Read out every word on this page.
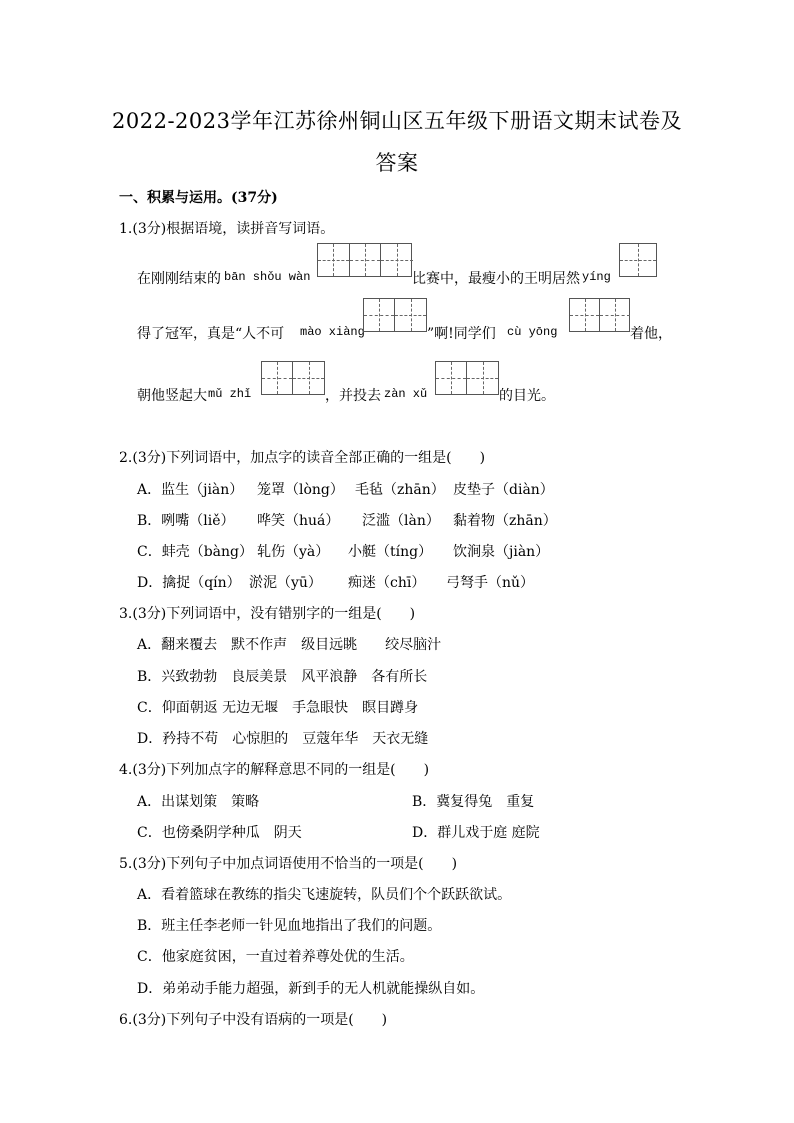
2022-2023学年江苏徐州铜山区五年级下册语文期末试卷及
答案
一、积累与运用。(37分)
1.(3分)根据语境，读拼音写词语。
在刚刚结束的 bān shǒu wàn	比赛中，最瘦小的王明居然 yíng
得了冠军，真是“人不可 mào xiàng	”啊!同学们 cù yōng	着他，
朝他竖起大 mǔ zhǐ	，并投去 zàn xǔ	的目光。
2.(3分)下列词语中，加点字的读音全部正确的一组是(　　)
A．监生（jiàn） 笼罩（lòng） 毛毡（zhān） 皮垫子（diàn）
B．咧嘴（liě） 哗笑（huá） 泛滥（làn） 黏着物（zhān）
C．蚌壳（bàng） 轧伤（yà） 小艇（tíng） 饮涧泉（jiàn）
D．擒捉（qín） 淤泥（yū） 痴迷（chī） 弓弩手（nǔ）
3.(3分)下列词语中，没有错别字的一组是(　　)
A．翻来覆去　默不作声　级目远眺　　绞尽脑汁
B．兴致勃勃　良辰美景　风平浪静　各有所长
C．仰面朝返 无边无堰　手急眼快　瞑目蹲身
D．矜持不苟　心惊胆的　豆蔻年华　天衣无缝
4.(3分)下列加点字的解释意思不同的一组是(　　)
A．出谋划策　策略	B．冀复得兔　重复
C．也傍桑阴学种瓜　阴天	D．群儿戏于庭 庭院
5.(3分)下列句子中加点词语使用不恰当的一项是(　　)
A．看着篮球在教练的指尖飞速旋转，队员们个个跃跃欲试。
B．班主任李老师一针见血地指出了我们的问题。
C．他家庭贫困，一直过着养尊处优的生活。
D．弟弟动手能力超强，新到手的无人机就能操纵自如。
6.(3分)下列句子中没有语病的一项是(　　)
